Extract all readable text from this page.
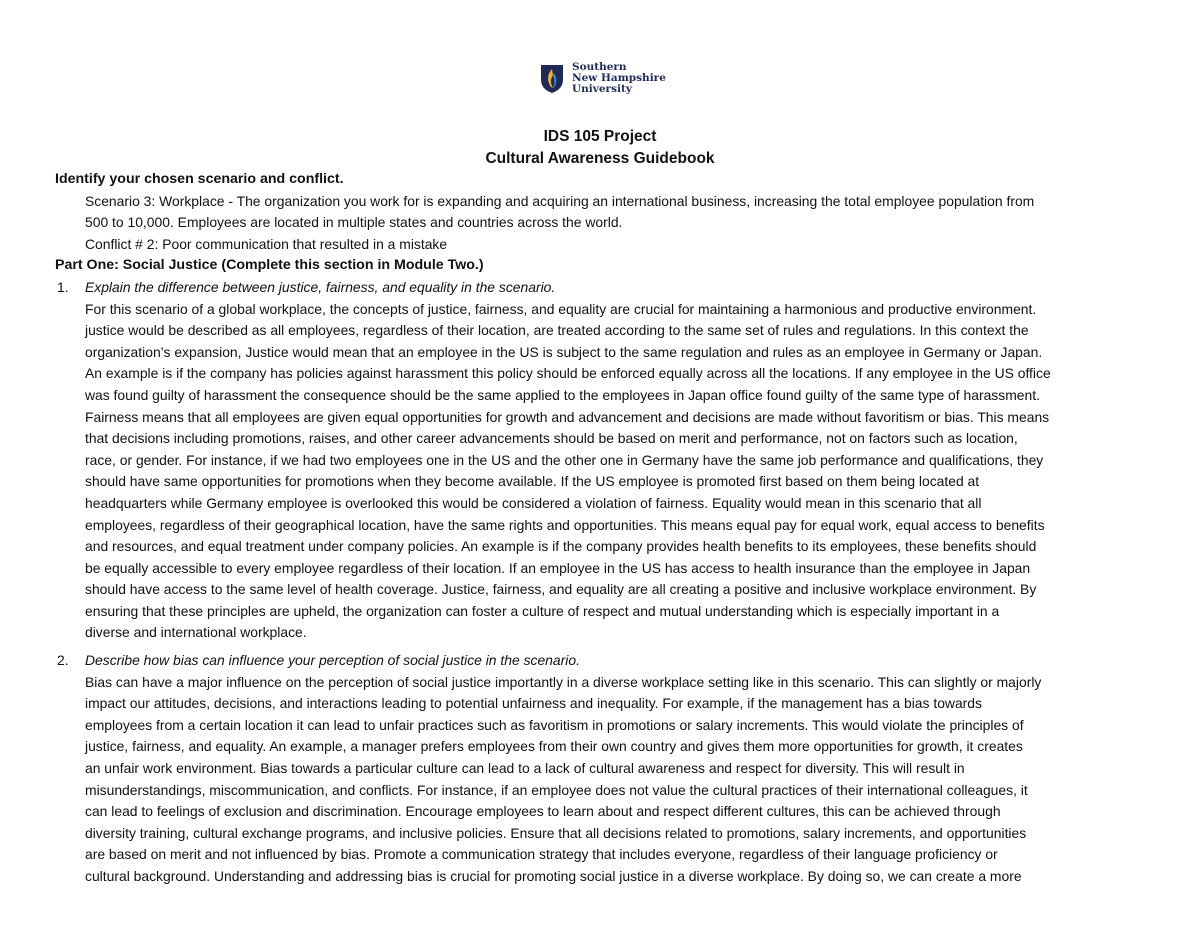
Southern
New Hampshire
University
IDS 105 Project
Cultural Awareness Guidebook
Identify your chosen scenario and conflict.
Scenario 3: Workplace - The organization you work for is expanding and acquiring an international business, increasing the total employee population from
500 to 10,000. Employees are located in multiple states and countries across the world.
Conflict # 2: Poor communication that resulted in a mistake
Part One: Social Justice (Complete this section in Module Two.)
1. Explain the difference between justice, fairness, and equality in the scenario.
For this scenario of a global workplace, the concepts of justice, fairness, and equality are crucial for maintaining a harmonious and productive environment.
justice would be described as all employees, regardless of their location, are treated according to the same set of rules and regulations. In this context the
organization’s expansion, Justice would mean that an employee in the US is subject to the same regulation and rules as an employee in Germany or Japan.
An example is if the company has policies against harassment this policy should be enforced equally across all the locations. If any employee in the US office
was found guilty of harassment the consequence should be the same applied to the employees in Japan office found guilty of the same type of harassment.
Fairness means that all employees are given equal opportunities for growth and advancement and decisions are made without favoritism or bias. This means
that decisions including promotions, raises, and other career advancements should be based on merit and performance, not on factors such as location,
race, or gender. For instance, if we had two employees one in the US and the other one in Germany have the same job performance and qualifications, they
should have same opportunities for promotions when they become available. If the US employee is promoted first based on them being located at
headquarters while Germany employee is overlooked this would be considered a violation of fairness. Equality would mean in this scenario that all
employees, regardless of their geographical location, have the same rights and opportunities. This means equal pay for equal work, equal access to benefits
and resources, and equal treatment under company policies. An example is if the company provides health benefits to its employees, these benefits should
be equally accessible to every employee regardless of their location. If an employee in the US has access to health insurance than the employee in Japan
should have access to the same level of health coverage. Justice, fairness, and equality are all creating a positive and inclusive workplace environment. By
ensuring that these principles are upheld, the organization can foster a culture of respect and mutual understanding which is especially important in a
diverse and international workplace.
2. Describe how bias can influence your perception of social justice in the scenario.
Bias can have a major influence on the perception of social justice importantly in a diverse workplace setting like in this scenario. This can slightly or majorly
impact our attitudes, decisions, and interactions leading to potential unfairness and inequality. For example, if the management has a bias towards
employees from a certain location it can lead to unfair practices such as favoritism in promotions or salary increments. This would violate the principles of
justice, fairness, and equality. An example, a manager prefers employees from their own country and gives them more opportunities for growth, it creates
an unfair work environment. Bias towards a particular culture can lead to a lack of cultural awareness and respect for diversity. This will result in
misunderstandings, miscommunication, and conflicts. For instance, if an employee does not value the cultural practices of their international colleagues, it
can lead to feelings of exclusion and discrimination. Encourage employees to learn about and respect different cultures, this can be achieved through
diversity training, cultural exchange programs, and inclusive policies. Ensure that all decisions related to promotions, salary increments, and opportunities
are based on merit and not influenced by bias. Promote a communication strategy that includes everyone, regardless of their language proficiency or
cultural background. Understanding and addressing bias is crucial for promoting social justice in a diverse workplace. By doing so, we can create a more
